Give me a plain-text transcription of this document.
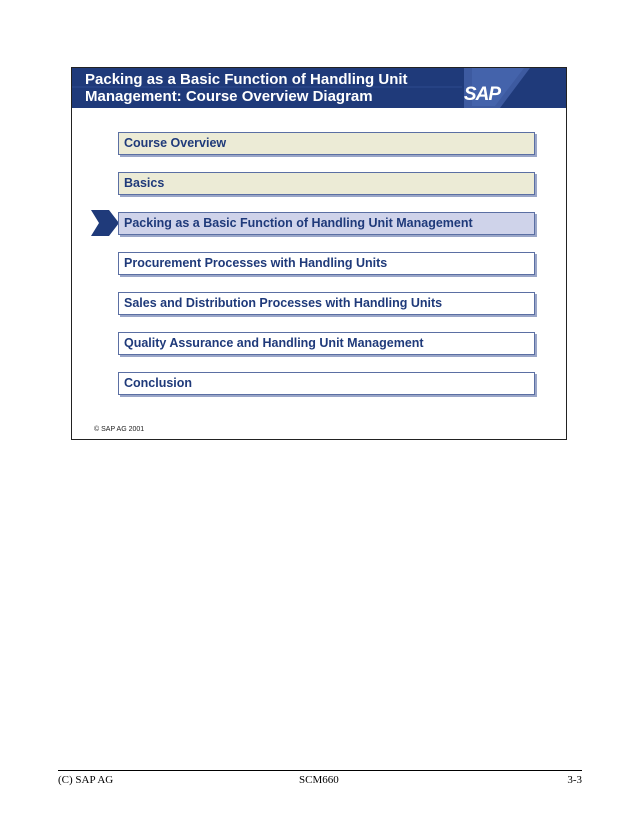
Packing as a Basic Function of Handling Unit
Management: Course Overview Diagram	SAP
Course Overview
Basics
Packing as a Basic Function of Handling Unit Management
Procurement Processes with Handling Units
Sales and Distribution Processes with Handling Units
Quality Assurance and Handling Unit Management
Conclusion
© SAP AG 2001
(C) SAP AG	SCM660	3-3
